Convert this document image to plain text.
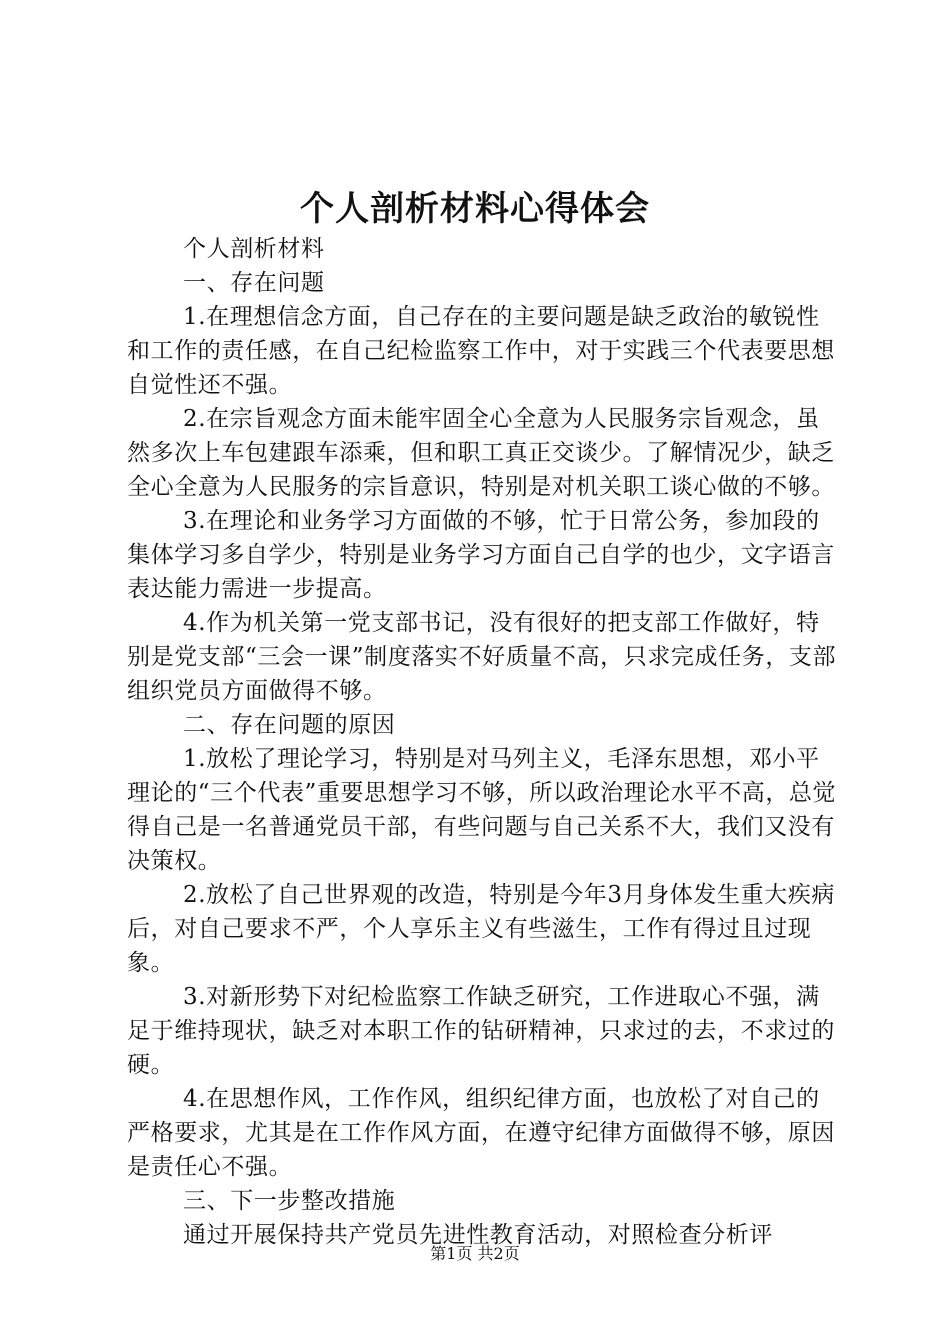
个人剖析材料心得体会

个人剖析材料

一、存在问题

1.在理想信念方面，自己存在的主要问题是缺乏政治的敏锐性和工作的责任感，在自己纪检监察工作中，对于实践三个代表要思想自觉性还不强。

2.在宗旨观念方面未能牢固全心全意为人民服务宗旨观念，虽然多次上车包建跟车添乘，但和职工真正交谈少。了解情况少，缺乏全心全意为人民服务的宗旨意识，特别是对机关职工谈心做的不够。

3.在理论和业务学习方面做的不够，忙于日常公务，参加段的集体学习多自学少，特别是业务学习方面自己自学的也少，文字语言表达能力需进一步提高。

4.作为机关第一党支部书记，没有很好的把支部工作做好，特别是党支部“三会一课”制度落实不好质量不高，只求完成任务，支部组织党员方面做得不够。

二、存在问题的原因

1.放松了理论学习，特别是对马列主义，毛泽东思想，邓小平理论的“三个代表”重要思想学习不够，所以政治理论水平不高，总觉得自己是一名普通党员干部，有些问题与自己关系不大，我们又没有决策权。

2.放松了自己世界观的改造，特别是今年3月身体发生重大疾病后，对自己要求不严，个人享乐主义有些滋生，工作有得过且过现象。

3.对新形势下对纪检监察工作缺乏研究，工作进取心不强，满足于维持现状，缺乏对本职工作的钻研精神，只求过的去，不求过的硬。

4.在思想作风，工作作风，组织纪律方面，也放松了对自己的严格要求，尤其是在工作作风方面，在遵守纪律方面做得不够，原因是责任心不强。

三、下一步整改措施

通过开展保持共产党员先进性教育活动，对照检查分析评

第1页 共2页
